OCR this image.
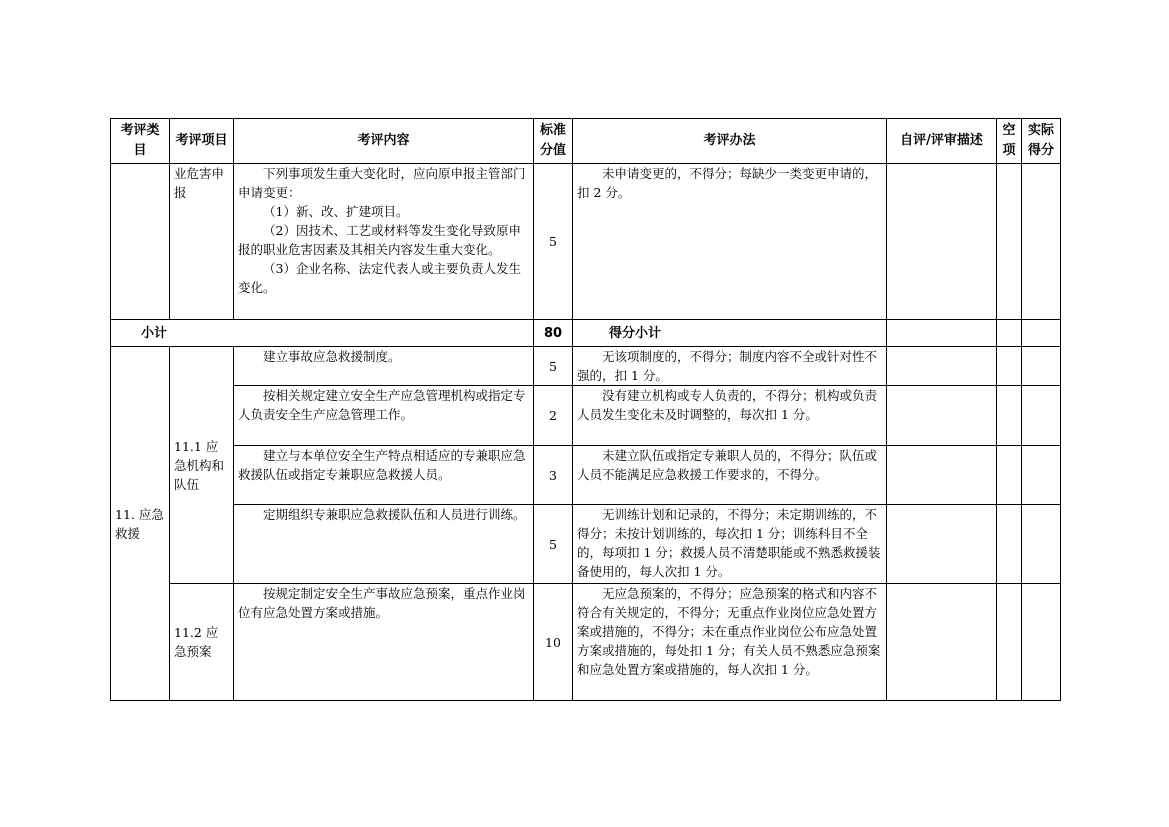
考评类目	考评项目	考评内容	标准分值	考评办法	自评/评审描述	空项	实际得分
	业危害申报	下列事项发生重大变化时，应向原申报主管部门申请变更：

（1）新、改、扩建项目。

（2）因技术、工艺或材料等发生变化导致原申报的职业危害因素及其相关内容发生重大变化。

（3）企业名称、法定代表人或主要负责人发生变化。	5	未申请变更的，不得分；每缺少一类变更申请的，扣 2 分。			
小计			80	得分小计			
11. 应急救援	11.1 应急机构和队伍	建立事故应急救援制度。	5	无该项制度的，不得分；制度内容不全或针对性不强的，扣 1 分。			
		按相关规定建立安全生产应急管理机构或指定专人负责安全生产应急管理工作。	2	没有建立机构或专人负责的，不得分；机构或负责人员发生变化未及时调整的，每次扣 1 分。			
		建立与本单位安全生产特点相适应的专兼职应急救援队伍或指定专兼职应急救援人员。	3	未建立队伍或指定专兼职人员的，不得分；队伍或人员不能满足应急救援工作要求的，不得分。			
		定期组织专兼职应急救援队伍和人员进行训练。	5	无训练计划和记录的，不得分；未定期训练的，不得分；未按计划训练的，每次扣 1 分；训练科目不全的，每项扣 1 分；救援人员不清楚职能或不熟悉救援装备使用的，每人次扣 1 分。			
	11.2 应急预案	按规定制定安全生产事故应急预案，重点作业岗位有应急处置方案或措施。	10	无应急预案的，不得分；应急预案的格式和内容不符合有关规定的，不得分；无重点作业岗位应急处置方案或措施的，不得分；未在重点作业岗位公布应急处置方案或措施的，每处扣 1 分；有关人员不熟悉应急预案和应急处置方案或措施的，每人次扣 1 分。			
